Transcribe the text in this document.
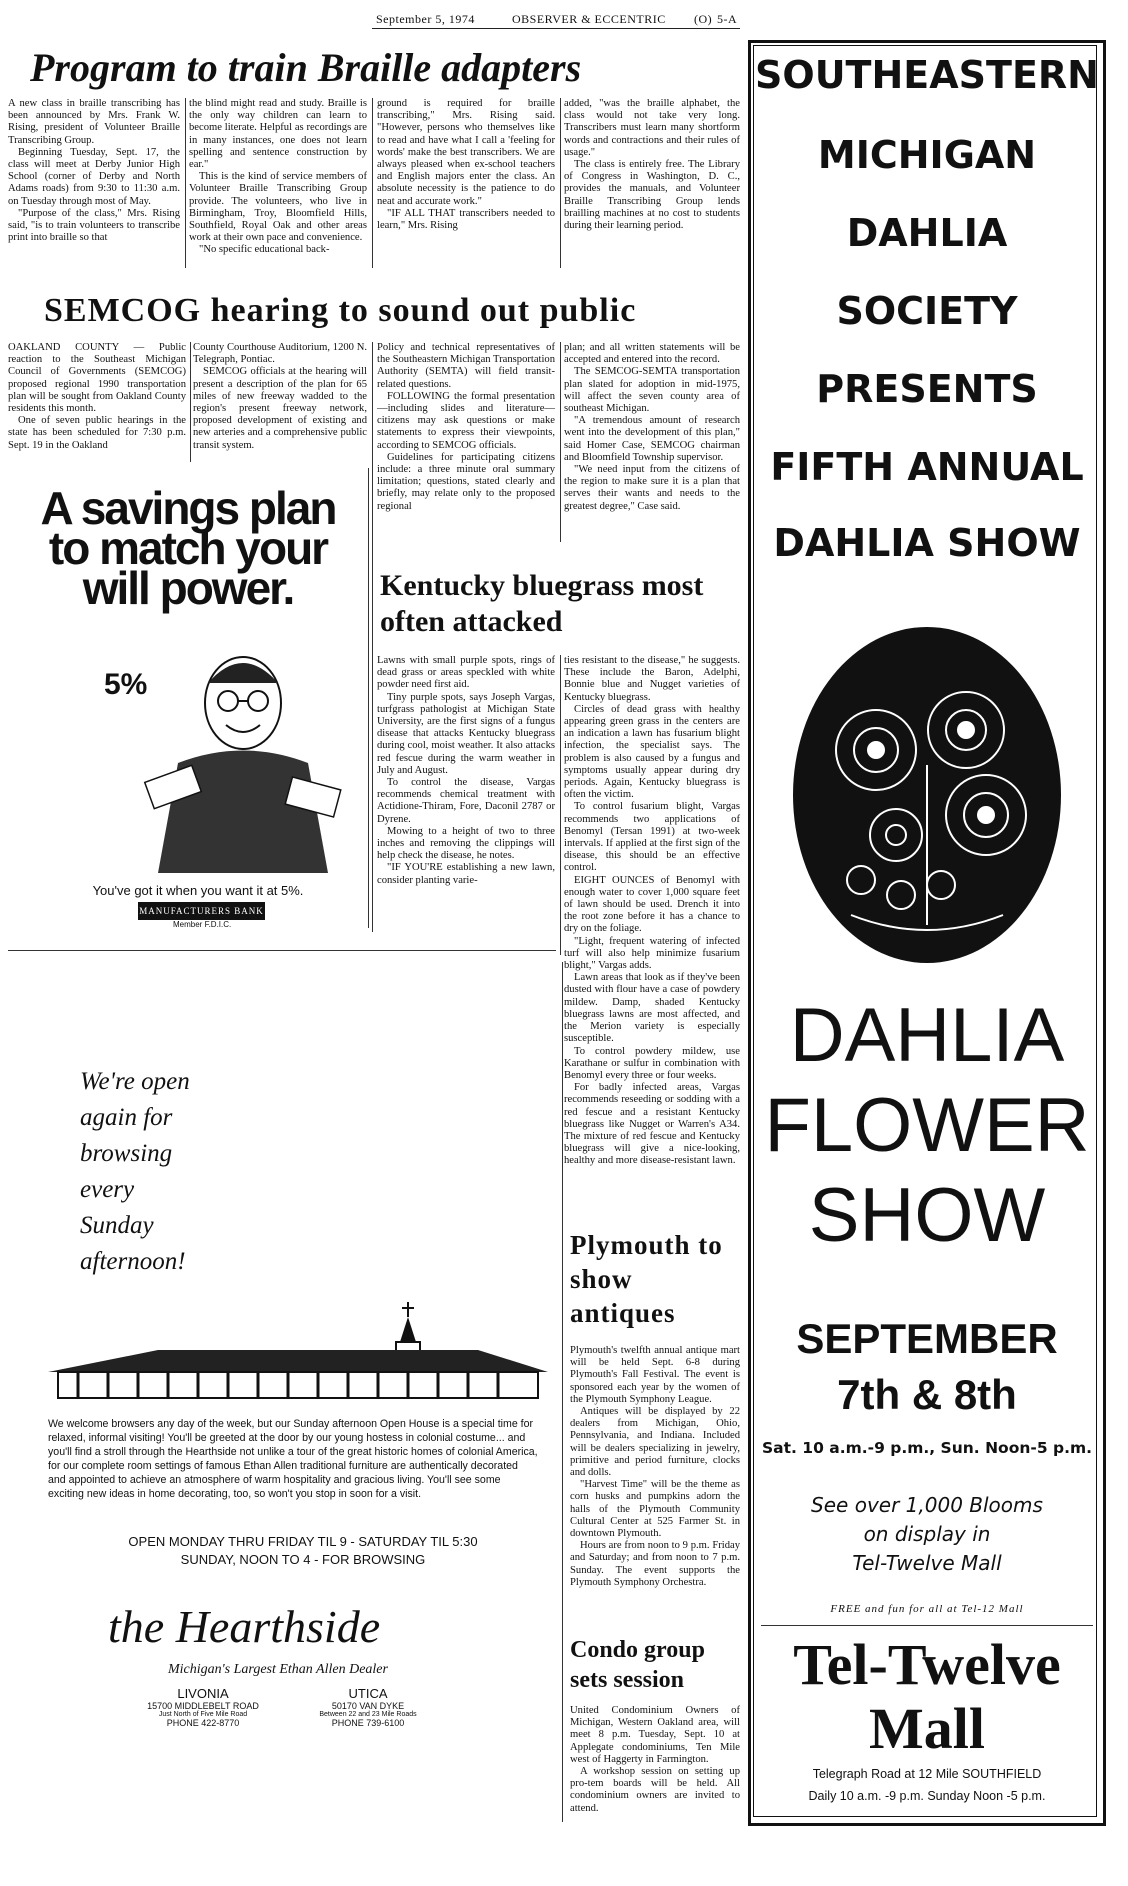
September 5, 1974	OBSERVER & ECCENTRIC (O) 5-A
Program to train Braille adapters

A new class in braille transcribing has been announced by Mrs. Frank W. Rising, president of Volunteer Braille Transcribing Group.

Beginning Tuesday, Sept. 17, the class will meet at Derby Junior High School (corner of Derby and North Adams roads) from 9:30 to 11:30 a.m. on Tuesday through most of May.

"Purpose of the class," Mrs. Rising said, "is to train volunteers to transcribe print into braille so that

the blind might read and study. Braille is the only way children can learn to become literate. Helpful as recordings are in many instances, one does not learn spelling and sentence construction by ear."

This is the kind of service members of Volunteer Braille Transcribing Group provide. The volunteers, who live in Birmingham, Troy, Bloomfield Hills, Southfield, Royal Oak and other areas work at their own pace and convenience.

"No specific educational back-

ground is required for braille transcribing," Mrs. Rising said. "However, persons who themselves like to read and have what I call a 'feeling for words' make the best transcribers. We are always pleased when ex-school teachers and English majors enter the class. An absolute necessity is the patience to do neat and accurate work."

"IF ALL THAT transcribers needed to learn," Mrs. Rising

added, "was the braille alphabet, the class would not take very long. Transcribers must learn many shortform words and contractions and their rules of usage."

The class is entirely free. The Library of Congress in Washington, D. C., provides the manuals, and Volunteer Braille Transcribing Group lends brailling machines at no cost to students during their learning period.

SEMCOG hearing to sound out public

OAKLAND COUNTY — Public reaction to the Southeast Michigan Council of Governments (SEMCOG) proposed regional 1990 transportation plan will be sought from Oakland County residents this month.

One of seven public hearings in the state has been scheduled for 7:30 p.m. Sept. 19 in the Oakland

County Courthouse Auditorium, 1200 N. Telegraph, Pontiac.

SEMCOG officials at the hearing will present a description of the plan for 65 miles of new freeway wadded to the region's present freeway network, proposed development of existing and new arteries and a comprehensive public transit system.

Policy and technical representatives of the Southeastern Michigan Transportation Authority (SEMTA) will field transit-related questions.

FOLLOWING the formal presentation—including slides and literature—citizens may ask questions or make statements to express their viewpoints, according to SEMCOG officials.

Guidelines for participating citizens include: a three minute oral summary limitation; questions, stated clearly and briefly, may relate only to the proposed regional

plan; and all written statements will be accepted and entered into the record.

The SEMCOG-SEMTA transportation plan slated for adoption in mid-1975, will affect the seven county area of southeast Michigan.

"A tremendous amount of research went into the development of this plan," said Homer Case, SEMCOG chairman and Bloomfield Township supervisor.

"We need input from the citizens of the region to make sure it is a plan that serves their wants and needs to the greatest degree," Case said.

A savings plan to match your will power.
5%
You've got it when you want it at 5%.
MANUFACTURERS BANK
Member F.D.I.C.
Kentucky bluegrass most often attacked

Lawns with small purple spots, rings of dead grass or areas speckled with white powder need first aid.

Tiny purple spots, says Joseph Vargas, turfgrass pathologist at Michigan State University, are the first signs of a fungus disease that attacks Kentucky bluegrass during cool, moist weather. It also attacks red fescue during the warm weather in July and August.

To control the disease, Vargas recommends chemical treatment with Actidione-Thiram, Fore, Daconil 2787 or Dyrene.

Mowing to a height of two to three inches and removing the clippings will help check the disease, he notes.

"IF YOU'RE establishing a new lawn, consider planting varie-

ties resistant to the disease," he suggests. These include the Baron, Adelphi, Bonnie blue and Nugget varieties of Kentucky bluegrass.

Circles of dead grass with healthy appearing green grass in the centers are an indication a lawn has fusarium blight infection, the specialist says. The problem is also caused by a fungus and symptoms usually appear during dry periods. Again, Kentucky bluegrass is often the victim.

To control fusarium blight, Vargas recommends two applications of Benomyl (Tersan 1991) at two-week intervals. If applied at the first sign of the disease, this should be an effective control.

EIGHT OUNCES of Benomyl with enough water to cover 1,000 square feet of lawn should be used. Drench it into the root zone before it has a chance to dry on the foliage.

"Light, frequent watering of infected turf will also help minimize fusarium blight," Vargas adds.

Lawn areas that look as if they've been dusted with flour have a case of powdery mildew. Damp, shaded Kentucky bluegrass lawns are most affected, and the Merion variety is especially susceptible.

To control powdery mildew, use Karathane or sulfur in combination with Benomyl every three or four weeks.

For badly infected areas, Vargas recommends reseeding or sodding with a red fescue and a resistant Kentucky bluegrass like Nugget or Warren's A34. The mixture of red fescue and Kentucky bluegrass will give a nice-looking, healthy and more disease-resistant lawn.

We're open
again for
browsing
every
Sunday
afternoon!
We welcome browsers any day of the week, but our Sunday afternoon Open House is a special time for relaxed, informal visiting! You'll be greeted at the door by our young hostess in colonial costume... and you'll find a stroll through the Hearthside not unlike a tour of the great historic homes of colonial America, for our complete room settings of famous Ethan Allen traditional furniture are authentically decorated and appointed to achieve an atmosphere of warm hospitality and gracious living. You'll see some exciting new ideas in home decorating, too, so won't you stop in soon for a visit.
OPEN MONDAY THRU FRIDAY TIL 9 - SATURDAY TIL 5:30
SUNDAY, NOON TO 4 - FOR BROWSING
the Hearthside
Michigan's Largest Ethan Allen Dealer
LIVONIA
15700 MIDDLEBELT ROAD
Just North of Five Mile Road
PHONE 422-8770
UTICA
50170 VAN DYKE
Between 22 and 23 Mile Roads
PHONE 739-6100
Plymouth to show antiques

Plymouth's twelfth annual antique mart will be held Sept. 6-8 during Plymouth's Fall Festival. The event is sponsored each year by the women of the Plymouth Symphony League.

Antiques will be displayed by 22 dealers from Michigan, Ohio, Pennsylvania, and Indiana. Included will be dealers specializing in jewelry, primitive and period furniture, clocks and dolls.

"Harvest Time" will be the theme as corn husks and pumpkins adorn the halls of the Plymouth Community Cultural Center at 525 Farmer St. in downtown Plymouth.

Hours are from noon to 9 p.m. Friday and Saturday; and from noon to 7 p.m. Sunday. The event supports the Plymouth Symphony Orchestra.

Condo group sets session

United Condominium Owners of Michigan, Western Oakland area, will meet 8 p.m. Tuesday, Sept. 10 at Applegate condominiums, Ten Mile west of Haggerty in Farmington.

A workshop session on setting up pro-tem boards will be held. All condominium owners are invited to attend.

SOUTHEASTERN
MICHIGAN
DAHLIA
SOCIETY
PRESENTS
FIFTH ANNUAL
DAHLIA SHOW
DAHLIA
FLOWER
SHOW
SEPTEMBER
7th & 8th
Sat. 10 a.m.-9 p.m., Sun. Noon-5 p.m.
See over 1,000 Blooms
on display in
Tel-Twelve Mall
FREE and fun for all at Tel-12 Mall
Tel-Twelve
Mall
Telegraph Road at 12 Mile SOUTHFIELD
Daily 10 a.m. -9 p.m. Sunday Noon -5 p.m.
